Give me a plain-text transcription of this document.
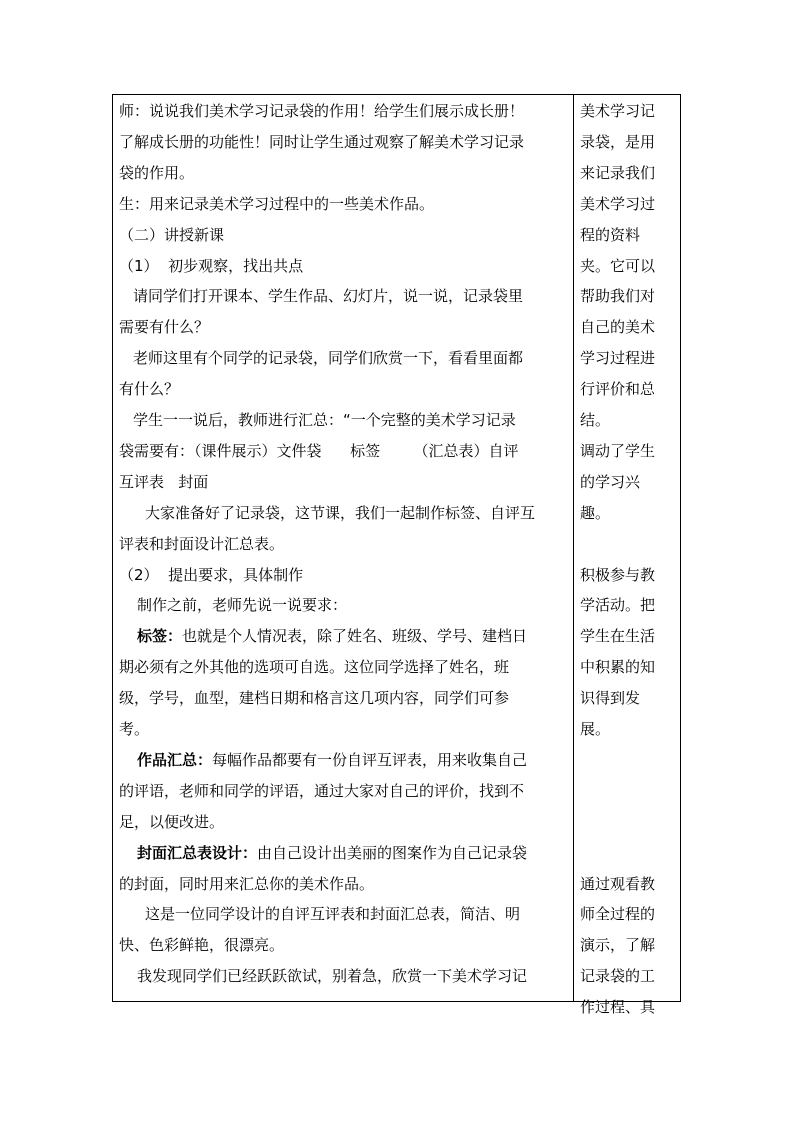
师：说说我们美术学习记录袋的作用！给学生们展示成长册！
了解成长册的功能性！同时让学生通过观察了解美术学习记录
袋的作用。
生：用来记录美术学习过程中的一些美术作品。
（二）讲授新课
（1）  初步观察，找出共点
请同学们打开课本、学生作品、幻灯片，说一说，记录袋里
需要有什么？
老师这里有个同学的记录袋，同学们欣赏一下，看看里面都
有什么？
学生一一说后，教师进行汇总：“一个完整的美术学习记录
袋需要有：（课件展示）文件袋      标签       （汇总表）自评
互评表   封面
大家准备好了记录袋，这节课，我们一起制作标签、自评互
评表和封面设计汇总表。
（2）  提出要求，具体制作
制作之前，老师先说一说要求：
标签：也就是个人情况表，除了姓名、班级、学号、建档日
期必须有之外其他的选项可自选。这位同学选择了姓名，班
级，学号，血型，建档日期和格言这几项内容，同学们可参
考。
作品汇总：每幅作品都要有一份自评互评表，用来收集自己
的评语，老师和同学的评语，通过大家对自己的评价，找到不
足，以便改进。
封面汇总表设计：由自己设计出美丽的图案作为自己记录袋
的封面，同时用来汇总你的美术作品。
这是一位同学设计的自评互评表和封面汇总表，简洁、明
快、色彩鲜艳，很漂亮。
我发现同学们已经跃跃欲试，别着急，欣赏一下美术学习记
美术学习记
录袋，是用
来记录我们
美术学习过
程的资料
夹。它可以
帮助我们对
自己的美术
学习过程进
行评价和总
结。
调动了学生
的学习兴
趣。
积极参与教
学活动。把
学生在生活
中积累的知
识得到发
展。
通过观看教
师全过程的
演示，了解
记录袋的工
作过程、具
